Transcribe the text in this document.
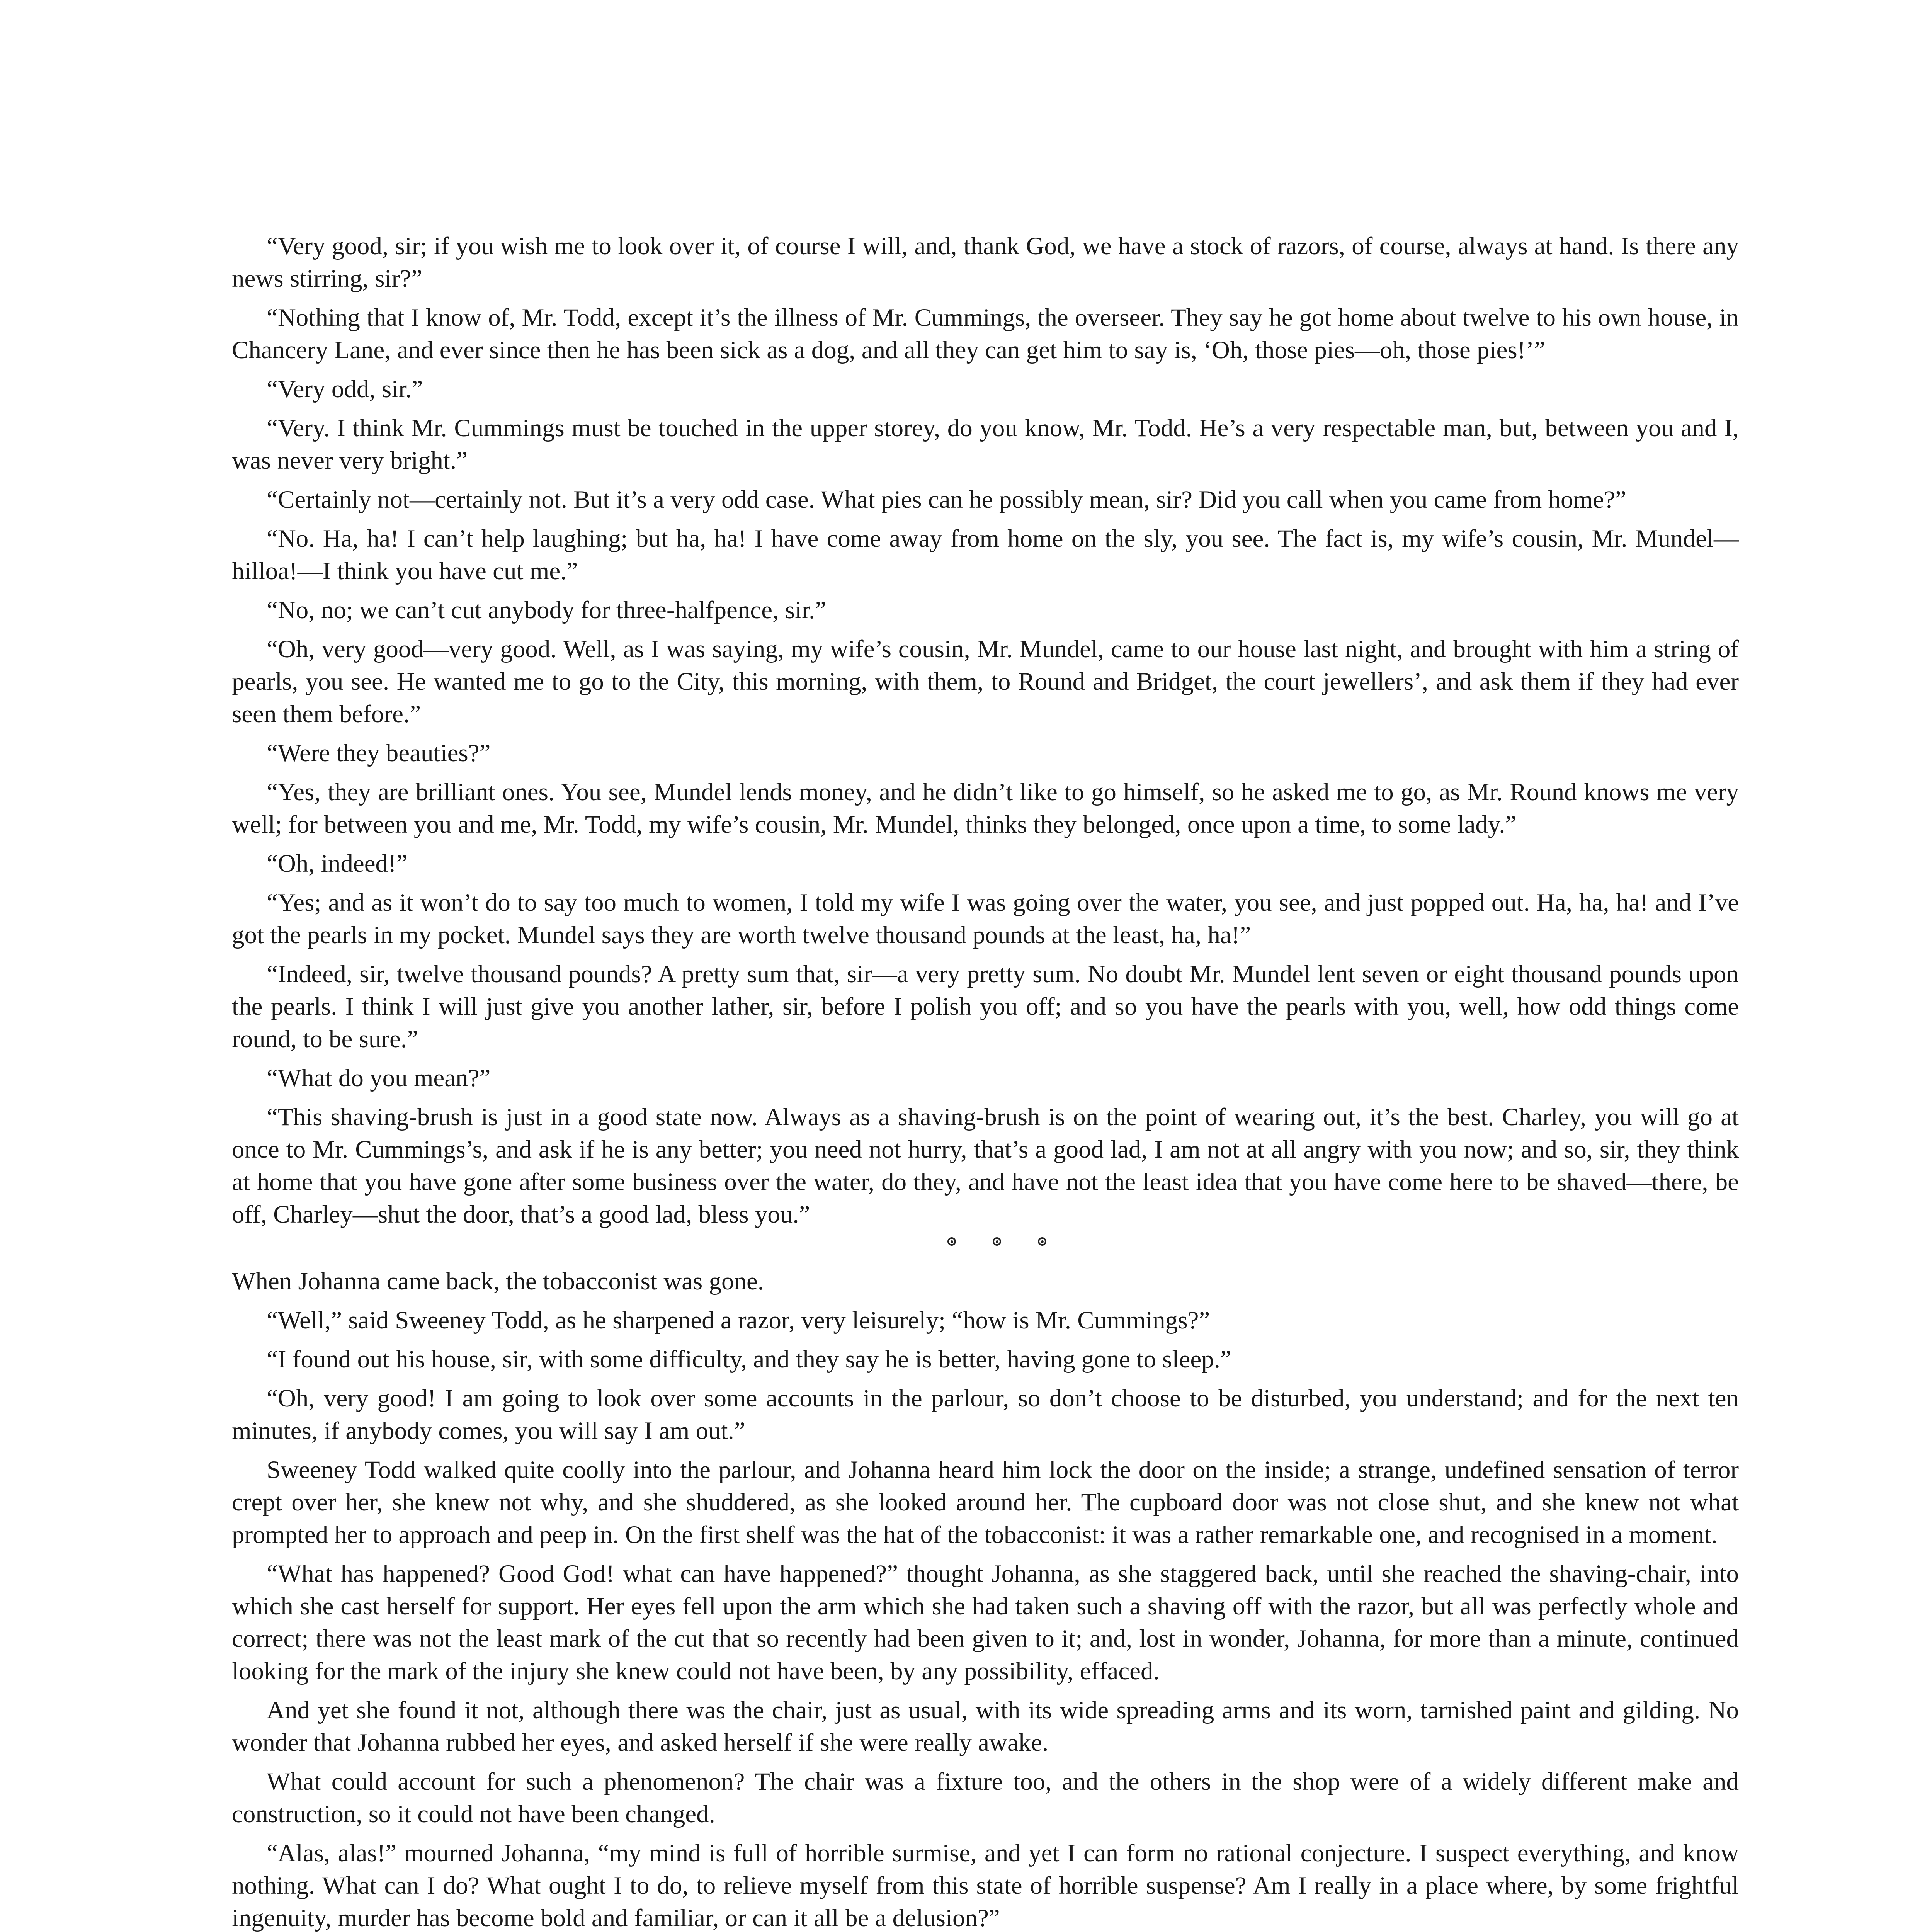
“Very good, sir; if you wish me to look over it, of course I will, and, thank God, we have a stock of razors, of course, always at hand. Is there any news stirring, sir?”

“Nothing that I know of, Mr. Todd, except it’s the illness of Mr. Cummings, the overseer. They say he got home about twelve to his own house, in Chancery Lane, and ever since then he has been sick as a dog, and all they can get him to say is, ‘Oh, those pies—oh, those pies!’”

“Very odd, sir.”

“Very. I think Mr. Cummings must be touched in the upper storey, do you know, Mr. Todd. He’s a very respectable man, but, between you and I, was never very bright.”

“Certainly not—certainly not. But it’s a very odd case. What pies can he possibly mean, sir? Did you call when you came from home?”

“No. Ha, ha! I can’t help laughing; but ha, ha! I have come away from home on the sly, you see. The fact is, my wife’s cousin, Mr. Mundel—hilloa!—I think you have cut me.”

“No, no; we can’t cut anybody for three-halfpence, sir.”

“Oh, very good—very good. Well, as I was saying, my wife’s cousin, Mr. Mundel, came to our house last night, and brought with him a string of pearls, you see. He wanted me to go to the City, this morning, with them, to Round and Bridget, the court jewellers’, and ask them if they had ever seen them before.”

“Were they beauties?”

“Yes, they are brilliant ones. You see, Mundel lends money, and he didn’t like to go himself, so he asked me to go, as Mr. Round knows me very well; for between you and me, Mr. Todd, my wife’s cousin, Mr. Mundel, thinks they belonged, once upon a time, to some lady.”

“Oh, indeed!”

“Yes; and as it won’t do to say too much to women, I told my wife I was going over the water, you see, and just popped out. Ha, ha, ha! and I’ve got the pearls in my pocket. Mundel says they are worth twelve thousand pounds at the least, ha, ha!”

“Indeed, sir, twelve thousand pounds? A pretty sum that, sir—a very pretty sum. No doubt Mr. Mundel lent seven or eight thousand pounds upon the pearls. I think I will just give you another lather, sir, before I polish you off; and so you have the pearls with you, well, how odd things come round, to be sure.”

“What do you mean?”

“This shaving-brush is just in a good state now. Always as a shaving-brush is on the point of wearing out, it’s the best. Charley, you will go at once to Mr. Cummings’s, and ask if he is any better; you need not hurry, that’s a good lad, I am not at all angry with you now; and so, sir, they think at home that you have gone after some business over the water, do they, and have not the least idea that you have come here to be shaved—there, be off, Charley—shut the door, that’s a good lad, bless you.”

When Johanna came back, the tobacconist was gone.

“Well,” said Sweeney Todd, as he sharpened a razor, very leisurely; “how is Mr. Cummings?”

“I found out his house, sir, with some difficulty, and they say he is better, having gone to sleep.”

“Oh, very good! I am going to look over some accounts in the parlour, so don’t choose to be disturbed, you understand; and for the next ten minutes, if anybody comes, you will say I am out.”

Sweeney Todd walked quite coolly into the parlour, and Johanna heard him lock the door on the inside; a strange, undefined sensation of terror crept over her, she knew not why, and she shuddered, as she looked around her. The cupboard door was not close shut, and she knew not what prompted her to approach and peep in. On the first shelf was the hat of the tobacconist: it was a rather remarkable one, and recognised in a moment.

“What has happened? Good God! what can have happened?” thought Johanna, as she staggered back, until she reached the shaving-chair, into which she cast herself for support. Her eyes fell upon the arm which she had taken such a shaving off with the razor, but all was perfectly whole and correct; there was not the least mark of the cut that so recently had been given to it; and, lost in wonder, Johanna, for more than a minute, continued looking for the mark of the injury she knew could not have been, by any possibility, effaced.

And yet she found it not, although there was the chair, just as usual, with its wide spreading arms and its worn, tarnished paint and gilding. No wonder that Johanna rubbed her eyes, and asked herself if she were really awake.

What could account for such a phenomenon? The chair was a fixture too, and the others in the shop were of a widely different make and construction, so it could not have been changed.

“Alas, alas!” mourned Johanna, “my mind is full of horrible surmise, and yet I can form no rational conjecture. I suspect everything, and know nothing. What can I do? What ought I to do, to relieve myself from this state of horrible suspense? Am I really in a place where, by some frightful ingenuity, murder has become bold and familiar, or can it all be a delusion?”
